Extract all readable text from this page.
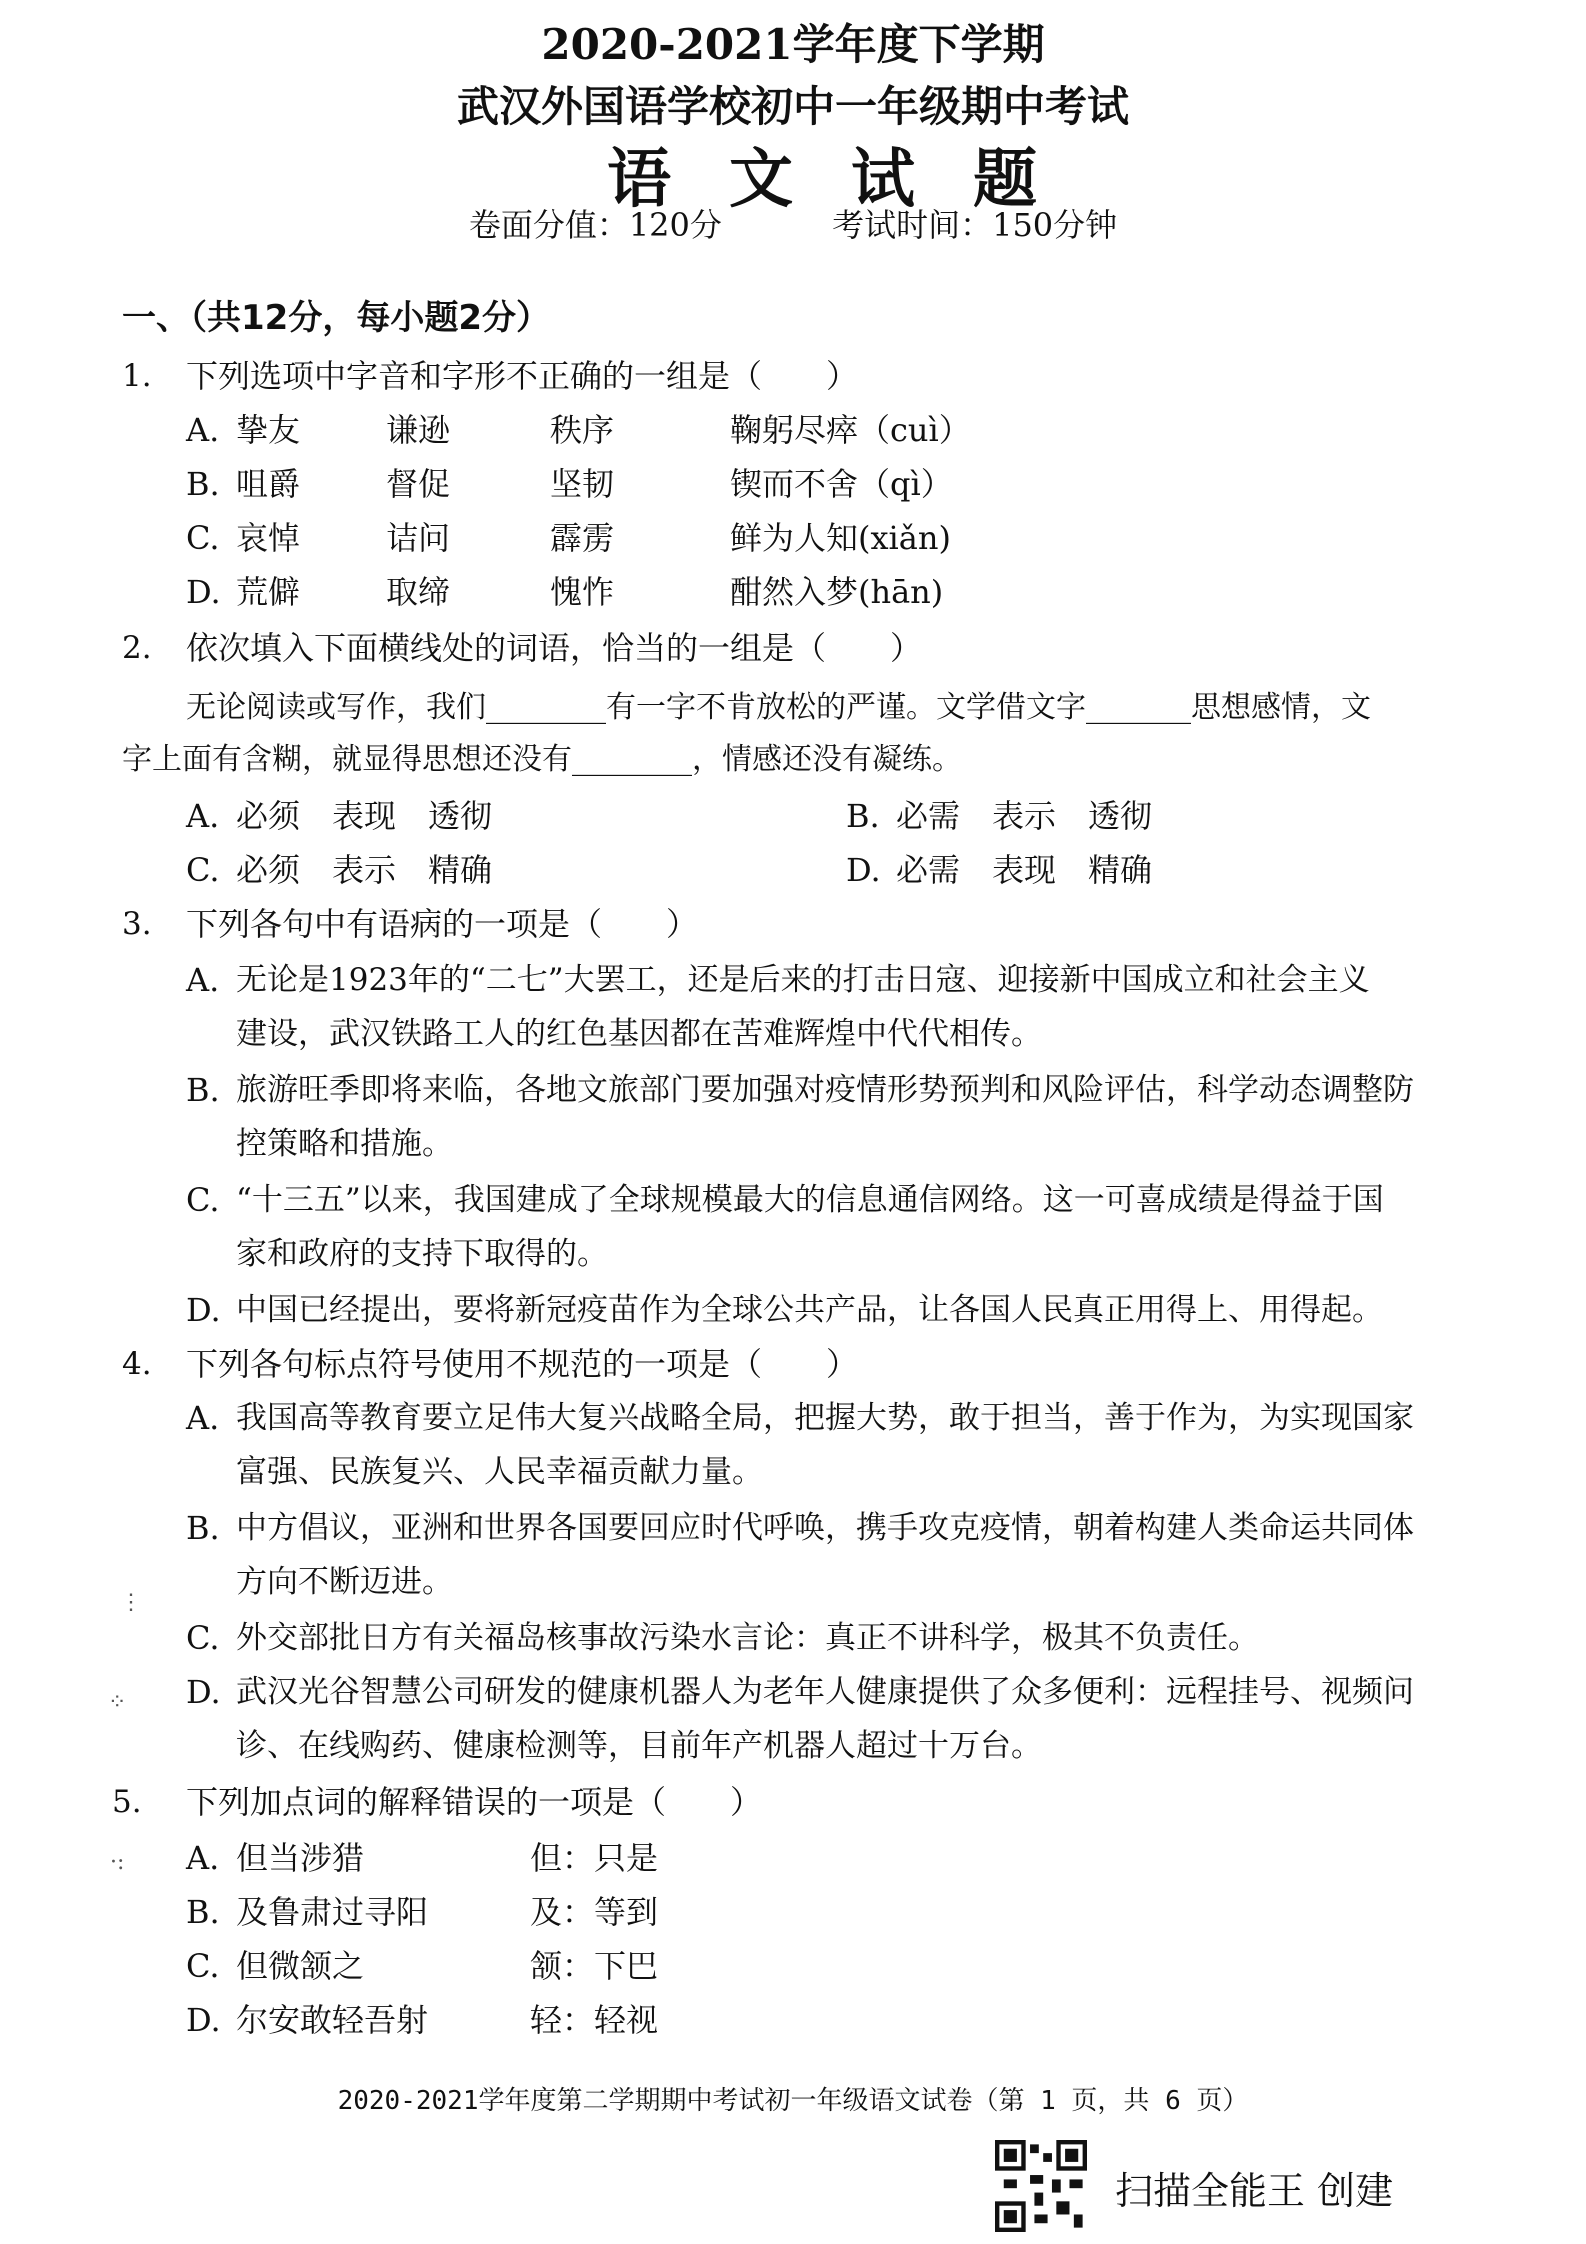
2020-2021学年度下学期
武汉外国语学校初中一年级期中考试
语文试题
卷面分值：120分	考试时间：150分钟
一、（共12分，每小题2分）
1. 下列选项中字音和字形不正确的一组是（　　）
A. 挚友	谦逊	秩序	鞠躬尽瘁（cuì）
B. 咀爵	督促	坚韧	锲而不舍（qì）
C. 哀悼	诘问	霹雳	鲜为人知(xiǎn)
D. 荒僻	取缔	愧怍	酣然入梦(hān)
2. 依次填入下面横线处的词语，恰当的一组是（　　）
无论阅读或写作，我们________有一字不肯放松的严谨。文学借文字_______思想感情，文
字上面有含糊，就显得思想还没有________，情感还没有凝练。
A. 必须　表现　透彻	B. 必需　表示　透彻
C. 必须　表示　精确	D. 必需　表现　精确
3. 下列各句中有语病的一项是（　　）
A. 无论是1923年的“二七”大罢工，还是后来的打击日寇、迎接新中国成立和社会主义
建设，武汉铁路工人的红色基因都在苦难辉煌中代代相传。
B. 旅游旺季即将来临，各地文旅部门要加强对疫情形势预判和风险评估，科学动态调整防
控策略和措施。
C. “十三五”以来，我国建成了全球规模最大的信息通信网络。这一可喜成绩是得益于国
家和政府的支持下取得的。
D. 中国已经提出，要将新冠疫苗作为全球公共产品，让各国人民真正用得上、用得起。
4. 下列各句标点符号使用不规范的一项是（　　）
A. 我国高等教育要立足伟大复兴战略全局，把握大势，敢于担当，善于作为，为实现国家
富强、民族复兴、人民幸福贡献力量。
B. 中方倡议，亚洲和世界各国要回应时代呼唤，携手攻克疫情，朝着构建人类命运共同体
方向不断迈进。
C. 外交部批日方有关福岛核事故污染水言论：真正不讲科学，极其不负责任。
D. 武汉光谷智慧公司研发的健康机器人为老年人健康提供了众多便利：远程挂号、视频问
诊、在线购药、健康检测等，目前年产机器人超过十万台。
5. 下列加点词的解释错误的一项是（　　）
A. 但当涉猎	但：只是
B. 及鲁肃过寻阳	及：等到
C. 但微颔之	颔：下巴
D. 尔安敢轻吾射	轻：轻视
⋮
⁘
·:
2020-2021学年度第二学期期中考试初一年级语文试卷（第 1 页，共 6 页）
扫描全能王 创建
